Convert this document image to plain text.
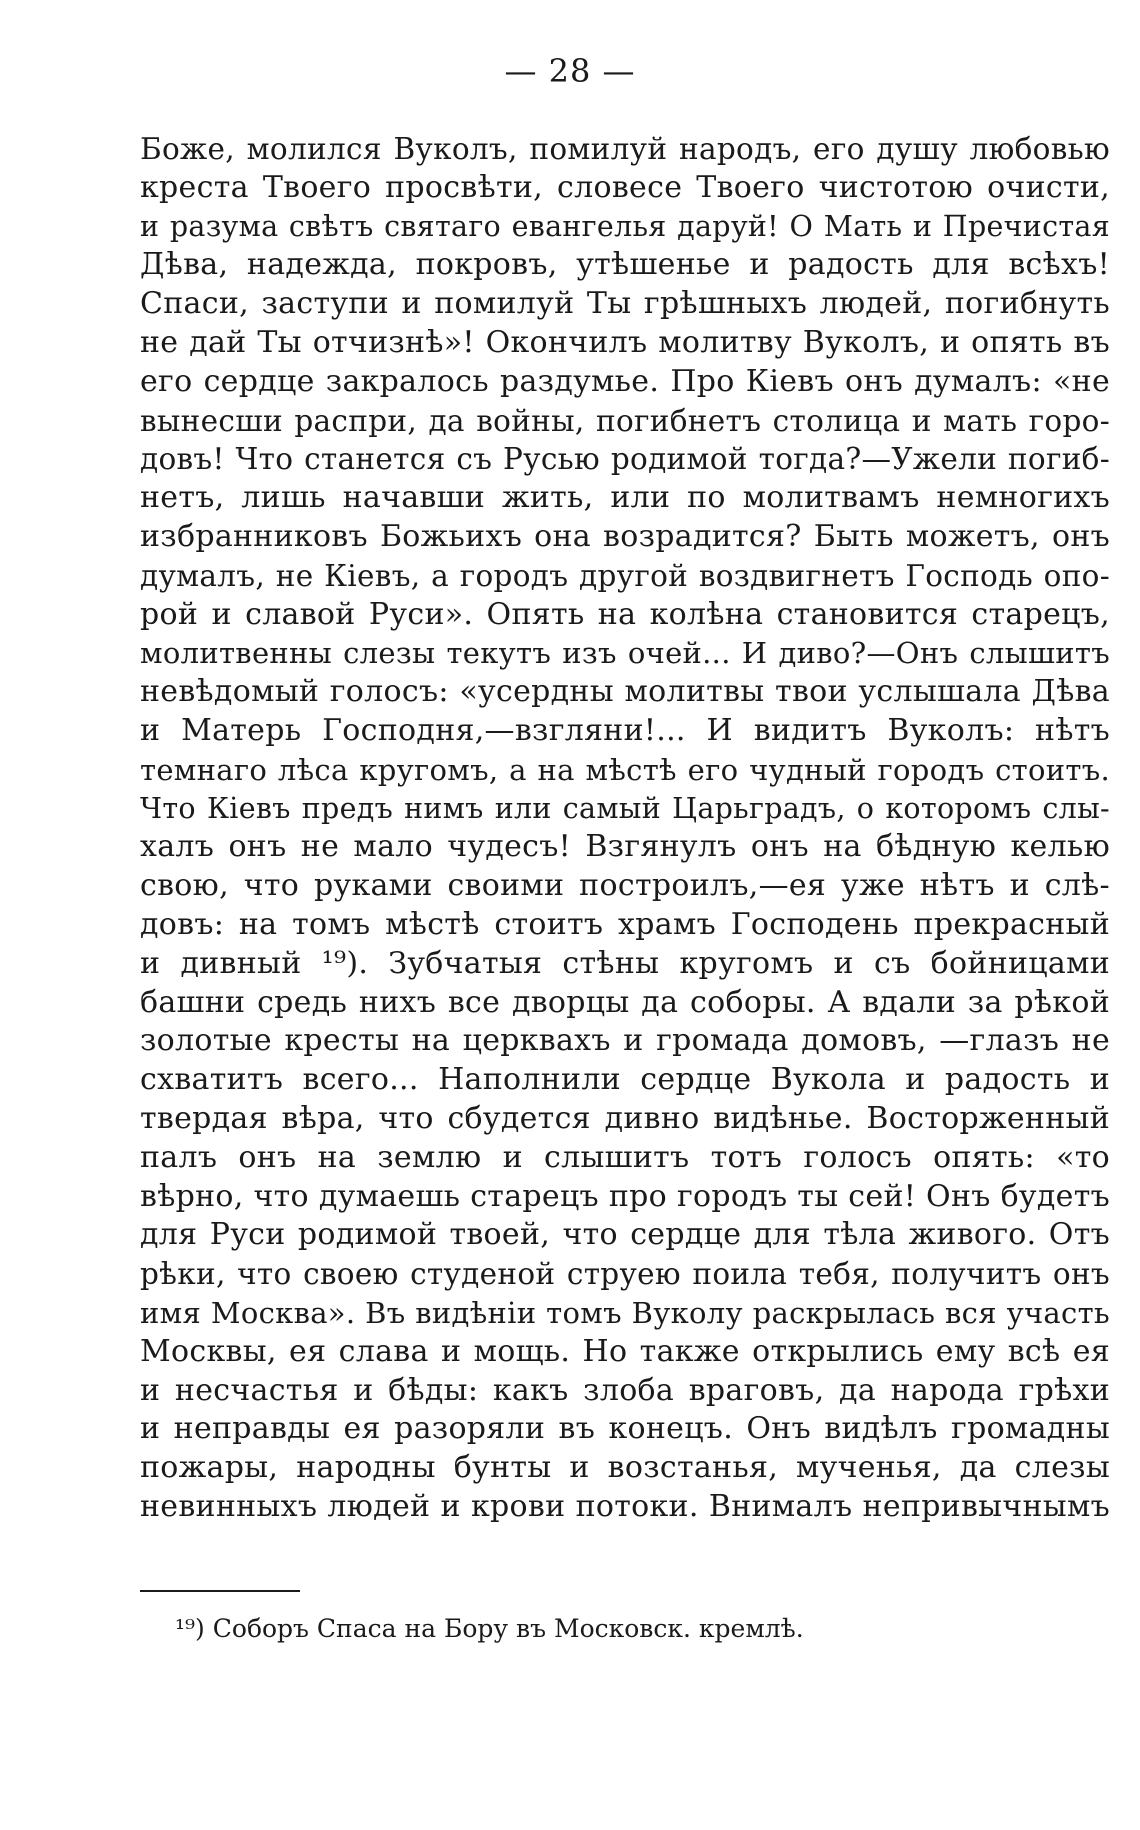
— 28 —
Боже, молился Вуколъ, помилуй народъ, его душу любовью
креста Твоего просвѣти, словесе Твоего чистотою очисти,
и разума свѣтъ святаго евангелья даруй! О Мать и Пречистая
Дѣва, надежда, покровъ, утѣшенье и радость для всѣхъ!
Спаси, заступи и помилуй Ты грѣшныхъ людей, погибнуть
не дай Ты отчизнѣ»! Окончилъ молитву Вуколъ, и опять въ
его сердце закралось раздумье. Про Кіевъ онъ думалъ: «не
вынесши распри, да войны, погибнетъ столица и мать горо-
довъ! Что станется съ Русью родимой тогда?—Ужели погиб-
нетъ, лишь начавши жить, или по молитвамъ немногихъ
избранниковъ Божьихъ она возрадится? Быть можетъ, онъ
думалъ, не Кіевъ, а городъ другой воздвигнетъ Господь опо-
рой и славой Руси». Опять на колѣна становится старецъ,
молитвенны слезы текутъ изъ очей... И диво?—Онъ слышитъ
невѣдомый голосъ: «усердны молитвы твои услышала Дѣва
и Матерь Господня,—взгляни!... И видитъ Вуколъ: нѣтъ
темнаго лѣса кругомъ, а на мѣстѣ его чудный городъ стоитъ.
Что Кіевъ предъ нимъ или самый Царьградъ, о которомъ слы-
халъ онъ не мало чудесъ! Взгянулъ онъ на бѣдную келью
свою, что руками своими построилъ,—ея уже нѣтъ и слѣ-
довъ: на томъ мѣстѣ стоитъ храмъ Господень прекрасный
и дивный ¹⁹). Зубчатыя стѣны кругомъ и съ бойницами
башни средь нихъ все дворцы да соборы. А вдали за рѣкой
золотые кресты на церквахъ и громада домовъ, —глазъ не
схватитъ всего... Наполнили сердце Вукола и радость и
твердая вѣра, что сбудется дивно видѣнье. Восторженный
палъ онъ на землю и слышитъ тотъ голосъ опять: «то
вѣрно, что думаешь старецъ про городъ ты сей! Онъ будетъ
для Руси родимой твоей, что сердце для тѣла живого. Отъ
рѣки, что своею студеной струею поила тебя, получитъ онъ
имя Москва». Въ видѣніи томъ Вуколу раскрылась вся участь
Москвы, ея слава и мощь. Но также открылись ему всѣ ея
и несчастья и бѣды: какъ злоба враговъ, да народа грѣхи
и неправды ея разоряли въ конецъ. Онъ видѣлъ громадны
пожары, народны бунты и возстанья, мученья, да слезы
невинныхъ людей и крови потоки. Внималъ непривычнымъ
¹⁹) Соборъ Спаса на Бору въ Московск. кремлѣ.
